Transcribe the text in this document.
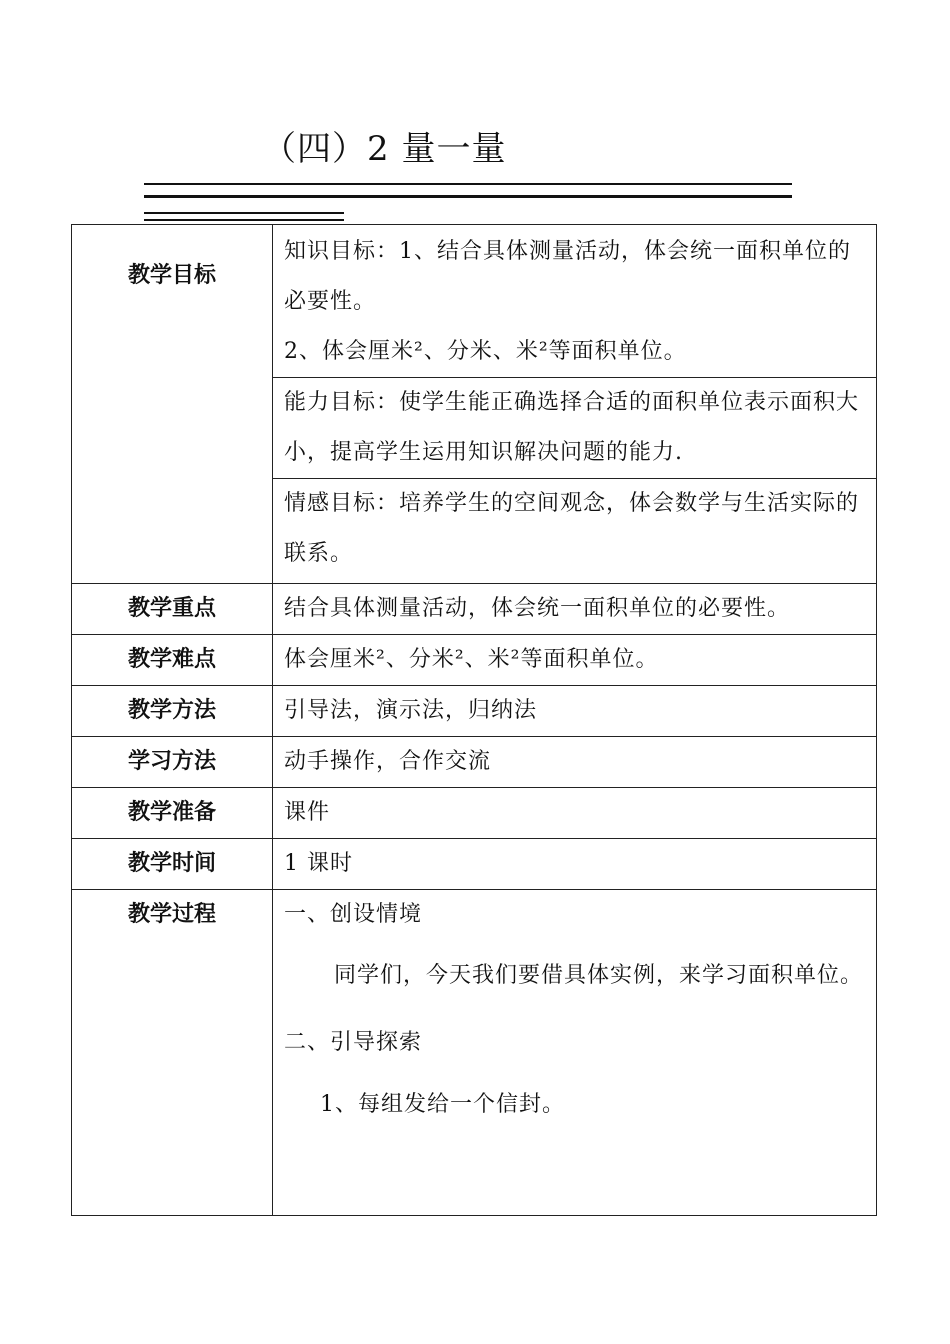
（四）2 量一量
教学目标	知识目标：1、结合具体测量活动，体会统一面积单位的必要性。
2、体会厘米²、分米、米²等面积单位。

	能力目标：使学生能正确选择合适的面积单位表示面积大小，提高学生运用知识解决问题的能力.

	情感目标：培养学生的空间观念，体会数学与生活实际的联系。

教学重点	结合具体测量活动，体会统一面积单位的必要性。

教学难点	体会厘米²、分米²、米²等面积单位。

教学方法	引导法，演示法，归纳法

学习方法	动手操作，合作交流

教学准备	课件

教学时间	1 课时

教学过程	一、创设情境
同学们，今天我们要借具体实例，来学习面积单位。
二、引导探索
1、每组发给一个信封。
